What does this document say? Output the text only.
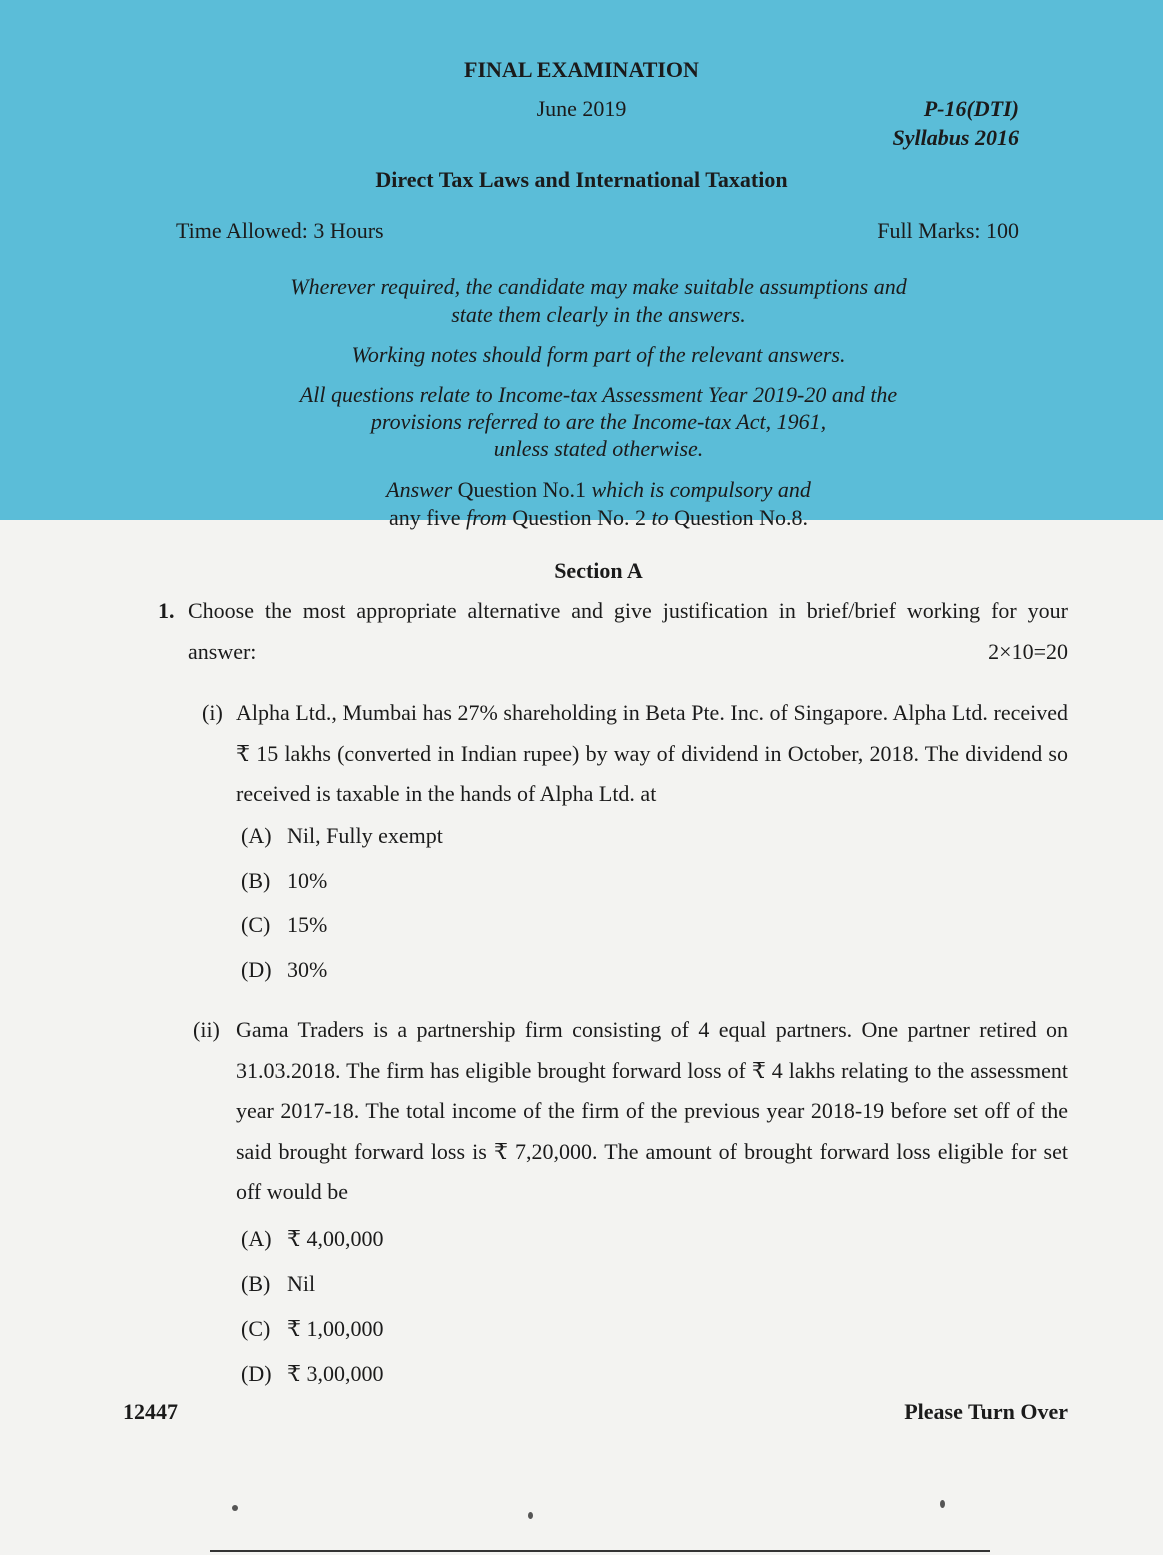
FINAL EXAMINATION
June 2019	P-16(DTI)
Syllabus 2016
Direct Tax Laws and International Taxation
Time Allowed: 3 Hours	Full Marks: 100
Wherever required, the candidate may make suitable assumptions and
state them clearly in the answers.
Working notes should form part of the relevant answers.
All questions relate to Income-tax Assessment Year 2019-20 and the
provisions referred to are the Income-tax Act, 1961,
unless stated otherwise.
Answer Question No.1 which is compulsory and
any five from Question No. 2 to Question No.8.
Section A
1. Choose the most appropriate alternative and give justification in brief/brief working for your answer:	2×10=20
(i) Alpha Ltd., Mumbai has 27% shareholding in Beta Pte. Inc. of Singapore. Alpha Ltd. received ₹ 15 lakhs (converted in Indian rupee) by way of dividend in October, 2018. The dividend so received is taxable in the hands of Alpha Ltd. at
(A) Nil, Fully exempt
(B) 10%
(C) 15%
(D) 30%
(ii) Gama Traders is a partnership firm consisting of 4 equal partners. One partner retired on 31.03.2018. The firm has eligible brought forward loss of ₹ 4 lakhs relating to the assessment year 2017-18. The total income of the firm of the previous year 2018-19 before set off of the said brought forward loss is ₹ 7,20,000. The amount of brought forward loss eligible for set off would be
(A) ₹ 4,00,000
(B) Nil
(C) ₹ 1,00,000
(D) ₹ 3,00,000
12447	Please Turn Over
